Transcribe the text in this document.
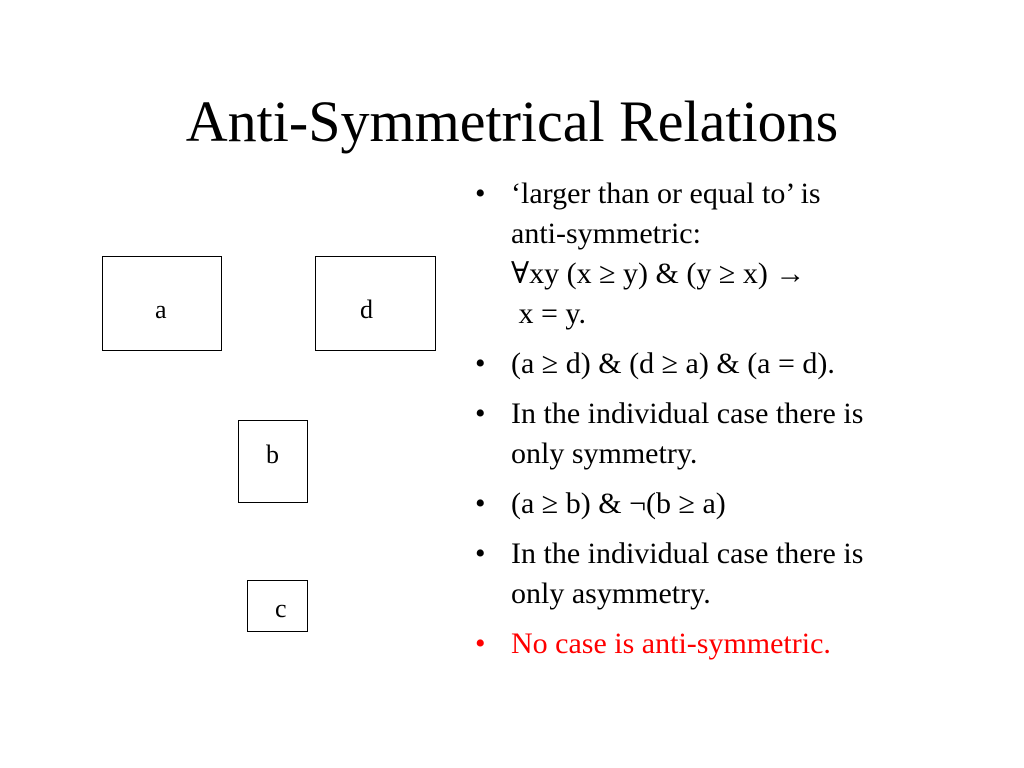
Anti-Symmetrical Relations
a	d
b
c
• ‘larger than or equal to’ is
anti-symmetric:
∀xy (x ≥ y) & (y ≥ x) →
x = y.
• (a ≥ d) & (d ≥ a) & (a = d).
• In the individual case there is
only symmetry.
• (a ≥ b) & ¬(b ≥ a)
• In the individual case there is
only asymmetry.
• No case is anti-symmetric.
